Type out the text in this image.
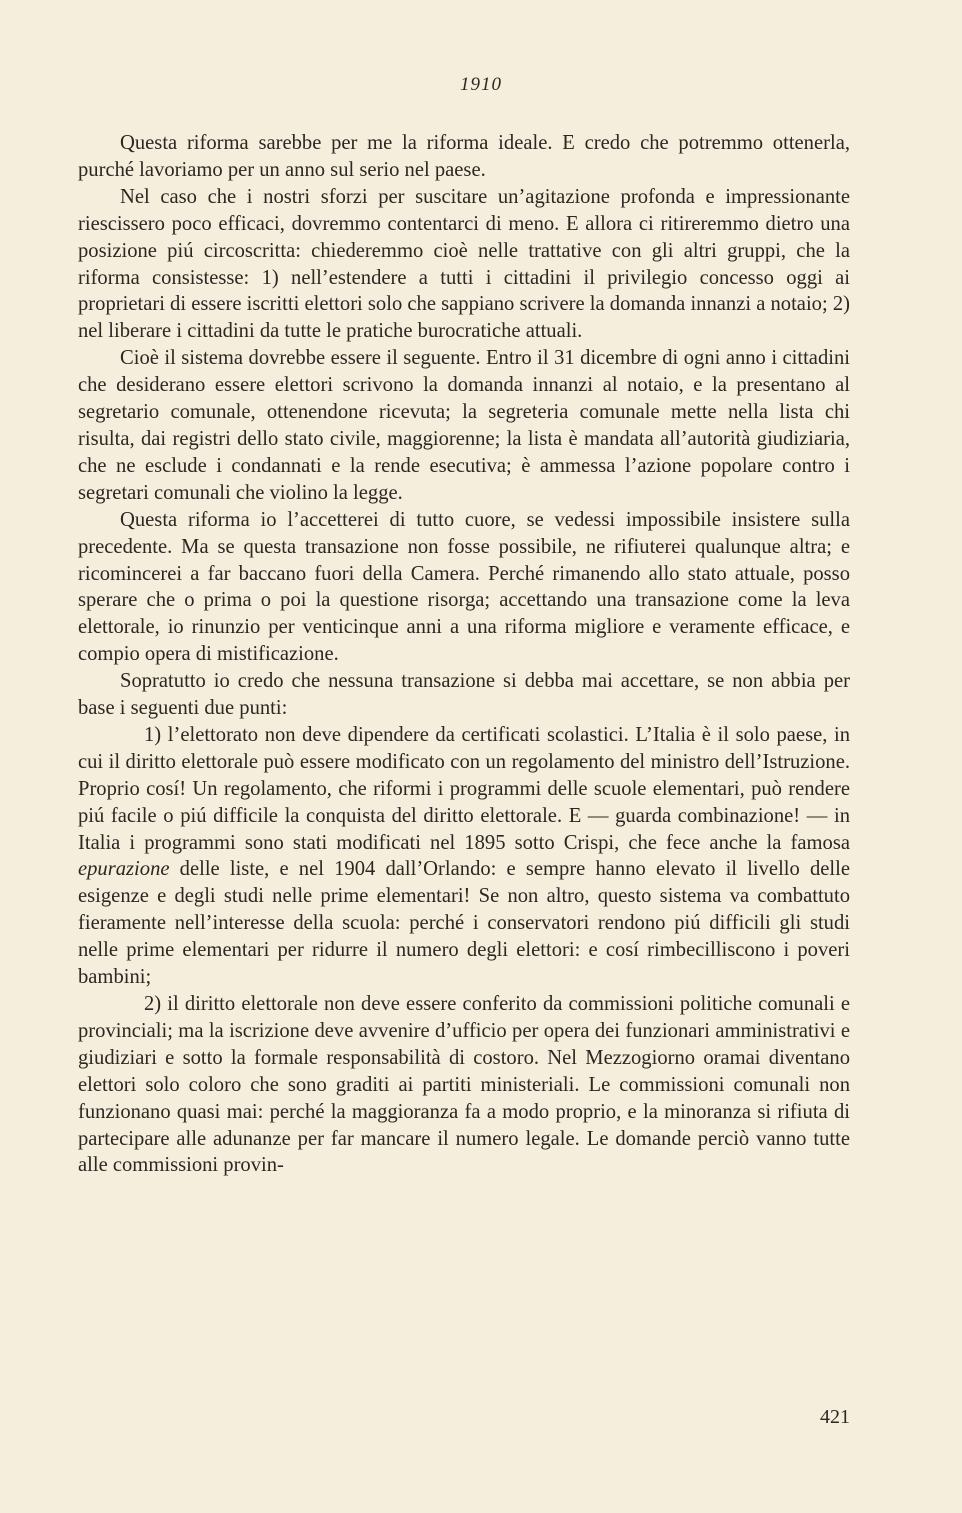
1910

Questa riforma sarebbe per me la riforma ideale. E credo che potremmo ottenerla, purché lavoriamo per un anno sul serio nel paese.

Nel caso che i nostri sforzi per suscitare un’agitazione profonda e impressionante riescissero poco efficaci, dovremmo contentarci di meno. E allora ci ritireremmo dietro una posizione piú circoscritta: chiederemmo cioè nelle trattative con gli altri gruppi, che la riforma consistesse: 1) nell’estendere a tutti i cittadini il privilegio concesso oggi ai proprietari di essere iscritti elettori solo che sappiano scrivere la domanda innanzi a notaio; 2) nel liberare i cittadini da tutte le pratiche burocratiche attuali.

Cioè il sistema dovrebbe essere il seguente. Entro il 31 dicembre di ogni anno i cittadini che desiderano essere elettori scrivono la domanda innanzi al notaio, e la presentano al segretario comunale, ottenendone ricevuta; la segreteria comunale mette nella lista chi risulta, dai registri dello stato civile, maggiorenne; la lista è mandata all’autorità giudiziaria, che ne esclude i condannati e la rende esecutiva; è ammessa l’azione popolare contro i segretari comunali che violino la legge.

Questa riforma io l’accetterei di tutto cuore, se vedessi impossibile insistere sulla precedente. Ma se questa transazione non fosse possibile, ne rifiuterei qualunque altra; e ricomincerei a far baccano fuori della Camera. Perché rimanendo allo stato attuale, posso sperare che o prima o poi la questione risorga; accettando una transazione come la leva elettorale, io rinunzio per venticinque anni a una riforma migliore e veramente efficace, e compio opera di mistificazione.

Sopratutto io credo che nessuna transazione si debba mai accettare, se non abbia per base i seguenti due punti:

1) l’elettorato non deve dipendere da certificati scolastici. L’Italia è il solo paese, in cui il diritto elettorale può essere modificato con un regolamento del ministro dell’Istruzione. Proprio cosí! Un regolamento, che riformi i programmi delle scuole elementari, può rendere piú facile o piú difficile la conquista del diritto elettorale. E — guarda combinazione! — in Italia i programmi sono stati modificati nel 1895 sotto Crispi, che fece anche la famosa epurazione delle liste, e nel 1904 dall’Orlando: e sempre hanno elevato il livello delle esigenze e degli studi nelle prime elementari! Se non altro, questo sistema va combattuto fieramente nell’interesse della scuola: perché i conservatori rendono piú difficili gli studi nelle prime elementari per ridurre il numero degli elettori: e cosí rimbecilliscono i poveri bambini;

2) il diritto elettorale non deve essere conferito da commissioni politiche comunali e provinciali; ma la iscrizione deve avvenire d’ufficio per opera dei funzionari amministrativi e giudiziari e sotto la formale responsabilità di costoro. Nel Mezzogiorno oramai diventano elettori solo coloro che sono graditi ai partiti ministeriali. Le commissioni comunali non funzionano quasi mai: perché la maggioranza fa a modo proprio, e la minoranza si rifiuta di partecipare alle adunanze per far mancare il numero legale. Le domande perciò vanno tutte alle commissioni provin-

421
